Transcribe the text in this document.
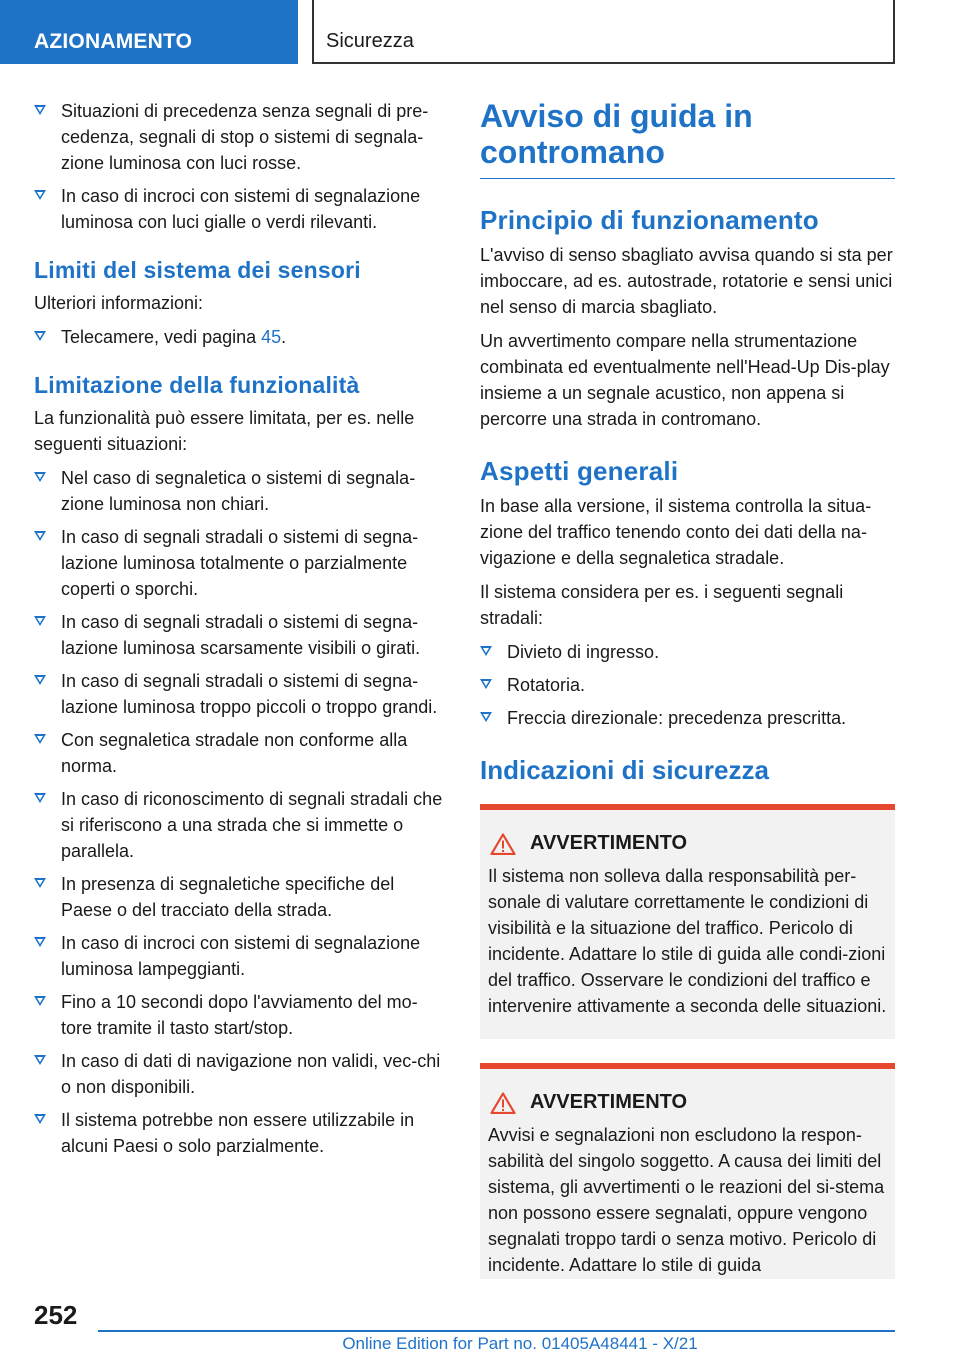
AZIONAMENTO	Sicurezza
Situazioni di precedenza senza segnali di pre-cedenza, segnali di stop o sistemi di segnala-zione luminosa con luci rosse.
In caso di incroci con sistemi di segnalazione luminosa con luci gialle o verdi rilevanti.
Limiti del sistema dei sensori

Ulteriori informazioni:

Telecamere, vedi pagina 45.
Limitazione della funzionalità

La funzionalità può essere limitata, per es. nelle seguenti situazioni:

Nel caso di segnaletica o sistemi di segnala-zione luminosa non chiari.
In caso di segnali stradali o sistemi di segna-lazione luminosa totalmente o parzialmente coperti o sporchi.
In caso di segnali stradali o sistemi di segna-lazione luminosa scarsamente visibili o girati.
In caso di segnali stradali o sistemi di segna-lazione luminosa troppo piccoli o troppo grandi.
Con segnaletica stradale non conforme alla norma.
In caso di riconoscimento di segnali stradali che si riferiscono a una strada che si immette o parallela.
In presenza di segnaletiche specifiche del Paese o del tracciato della strada.
In caso di incroci con sistemi di segnalazione luminosa lampeggianti.
Fino a 10 secondi dopo l'avviamento del mo-tore tramite il tasto start/stop.
In caso di dati di navigazione non validi, vec-chi o non disponibili.
Il sistema potrebbe non essere utilizzabile in alcuni Paesi o solo parzialmente.
Avviso di guida in contromano
Principio di funzionamento

L'avviso di senso sbagliato avvisa quando si sta per imboccare, ad es. autostrade, rotatorie e sensi unici nel senso di marcia sbagliato.

Un avvertimento compare nella strumentazione combinata ed eventualmente nell'Head-Up Dis-play insieme a un segnale acustico, non appena si percorre una strada in contromano.

Aspetti generali

In base alla versione, il sistema controlla la situa-zione del traffico tenendo conto dei dati della na-vigazione e della segnaletica stradale.

Il sistema considera per es. i seguenti segnali stradali:

Divieto di ingresso.
Rotatoria.
Freccia direzionale: precedenza prescritta.
Indicazioni di sicurezza
AVVERTIMENTO

Il sistema non solleva dalla responsabilità per-sonale di valutare correttamente le condizioni di visibilità e la situazione del traffico. Pericolo di incidente. Adattare lo stile di guida alle condi-zioni del traffico. Osservare le condizioni del traffico e intervenire attivamente a seconda delle situazioni.

AVVERTIMENTO

Avvisi e segnalazioni non escludono la respon-sabilità del singolo soggetto. A causa dei limiti del sistema, gli avvertimenti o le reazioni del si-stema non possono essere segnalati, oppure vengono segnalati troppo tardi o senza motivo. Pericolo di incidente. Adattare lo stile di guida

252
Online Edition for Part no. 01405A48441 - X/21
